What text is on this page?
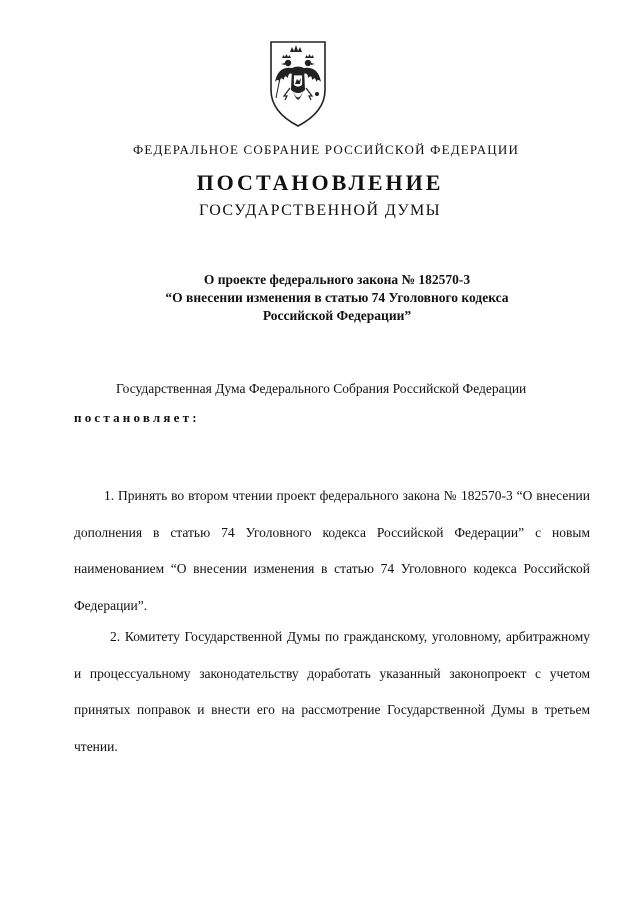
ФЕДЕРАЛЬНОЕ СОБРАНИЕ РОССИЙСКОЙ ФЕДЕРАЦИИ
ПОСТАНОВЛЕНИЕ
ГОСУДАРСТВЕННОЙ ДУМЫ
О проекте федерального закона № 182570-3
“О внесении изменения в статью 74 Уголовного кодекса
Российской Федерации”
Государственная Дума Федерального Собрания Российской Федерации
постановляет:
1. Принять во втором чтении проект федерального закона № 182570-3 “О внесении дополнения в статью 74 Уголовного кодекса Российской Федерации” с новым наименованием “О внесении изменения в статью 74 Уголовного кодекса Российской Федерации”.
2. Комитету Государственной Думы по гражданскому, уголовному, арбитражному и процессуальному законодательству доработать указанный законопроект с учетом принятых поправок и внести его на рассмотрение Государственной Думы в третьем чтении.
